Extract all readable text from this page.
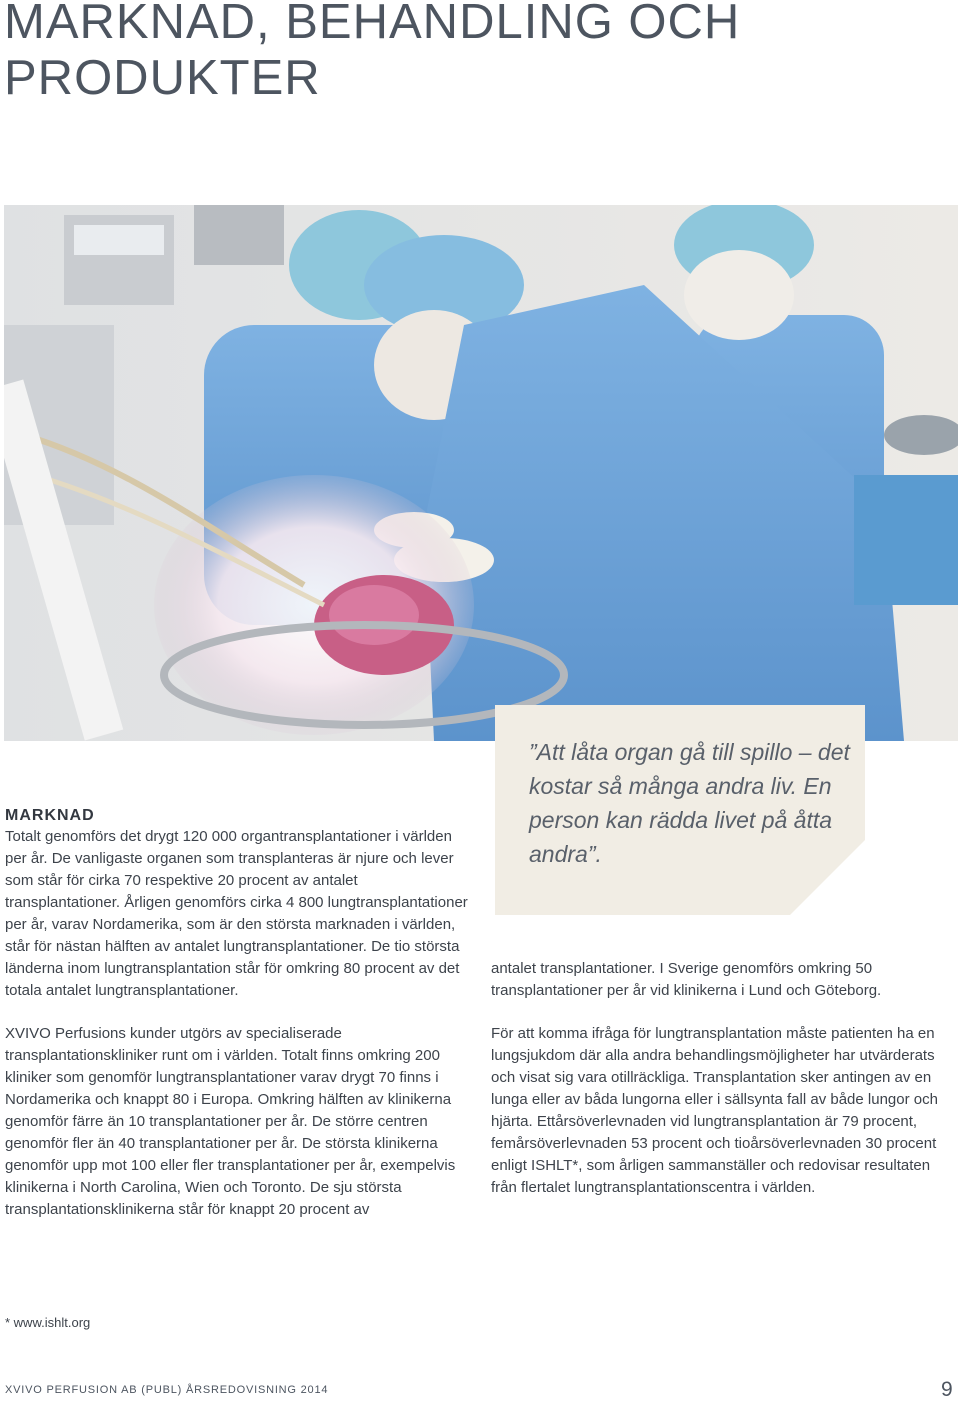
MARKNAD, BEHANDLING OCH PRODUKTER

”Att låta organ gå till spillo – det kostar så många andra liv. En person kan rädda livet på åtta andra”.

MARKNAD

Totalt genomförs det drygt 120 000 organtransplantationer i världen per år. De vanligaste organen som transplanteras är njure och lever som står för cirka 70 respektive 20 procent av antalet transplantationer. Årligen genomförs cirka 4 800 lungtransplantationer per år, varav Nordamerika, som är den största marknaden i världen, står för nästan hälften av antalet lungtransplantationer. De tio största länderna inom lungtransplantation står för omkring 80 procent av det totala antalet lungtransplantationer.

XVIVO Perfusions kunder utgörs av specialiserade transplantationskliniker runt om i världen. Totalt finns omkring 200 kliniker som genomför lungtransplantationer varav drygt 70 finns i Nordamerika och knappt 80 i Europa. Omkring hälften av klinikerna genomför färre än 10 transplantationer per år. De större centren genomför fler än 40 transplantationer per år. De största klinikerna genomför upp mot 100 eller fler transplantationer per år, exempelvis klinikerna i North Carolina, Wien och Toronto. De sju största transplantationsklinikerna står för knappt 20 procent av

antalet transplantationer. I Sverige genomförs omkring 50 transplantationer per år vid klinikerna i Lund och Göteborg.

För att komma ifråga för lungtransplantation måste patienten ha en lungsjukdom där alla andra behandlingsmöjligheter har utvärderats och visat sig vara otillräckliga. Transplantation sker antingen av en lunga eller av båda lungorna eller i sällsynta fall av både lungor och hjärta. Ettårsöverlevnaden vid lungtransplantation är 79 procent, femårsöverlevnaden 53 procent och tioårsöverlevnaden 30 procent enligt ISHLT*, som årligen sammanställer och redovisar resultaten från flertalet lungtransplantationscentra i världen.

* www.ishlt.org
XVIVO PERFUSION AB (PUBL) ÅRSREDOVISNING 2014	9
